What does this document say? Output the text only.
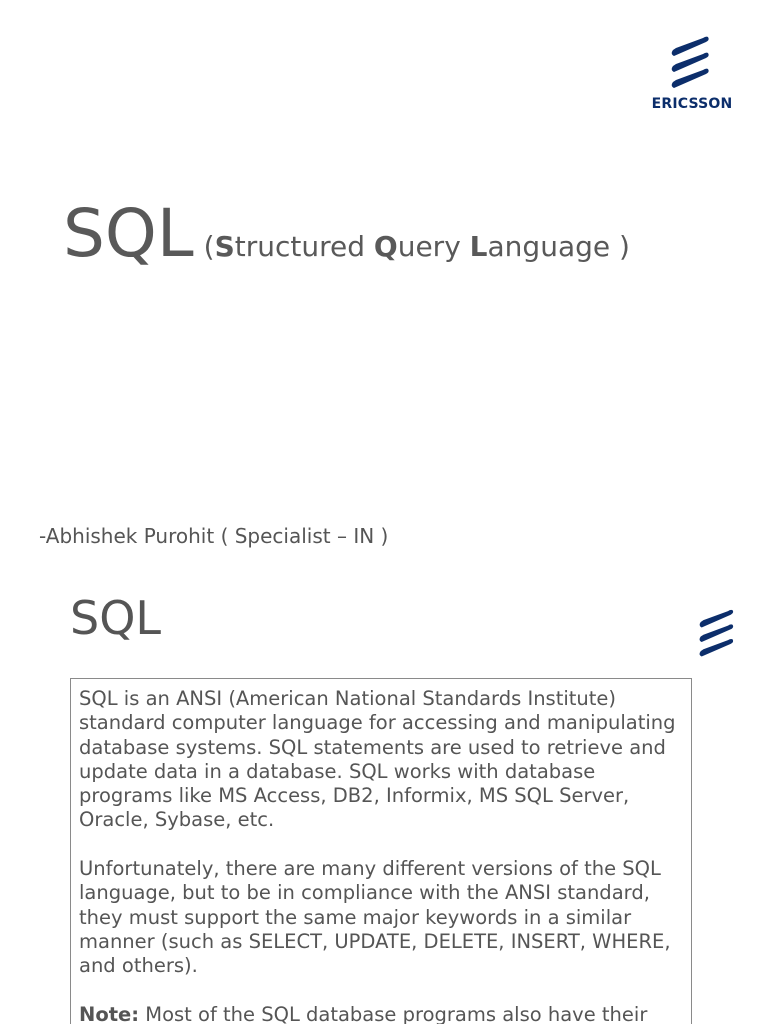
ERICSSON
SQL (Structured Query Language )
-Abhishek Purohit ( Specialist – IN )
SQL

SQL is an ANSI (American National Standards Institute) standard computer language for accessing and manipulating database systems. SQL statements are used to retrieve and update data in a database. SQL works with database programs like MS Access, DB2, Informix, MS SQL Server, Oracle, Sybase, etc.

Unfortunately, there are many different versions of the SQL language, but to be in compliance with the ANSI standard, they must support the same major keywords in a similar manner (such as SELECT, UPDATE, DELETE, INSERT, WHERE, and others).

Note: Most of the SQL database programs also have their
